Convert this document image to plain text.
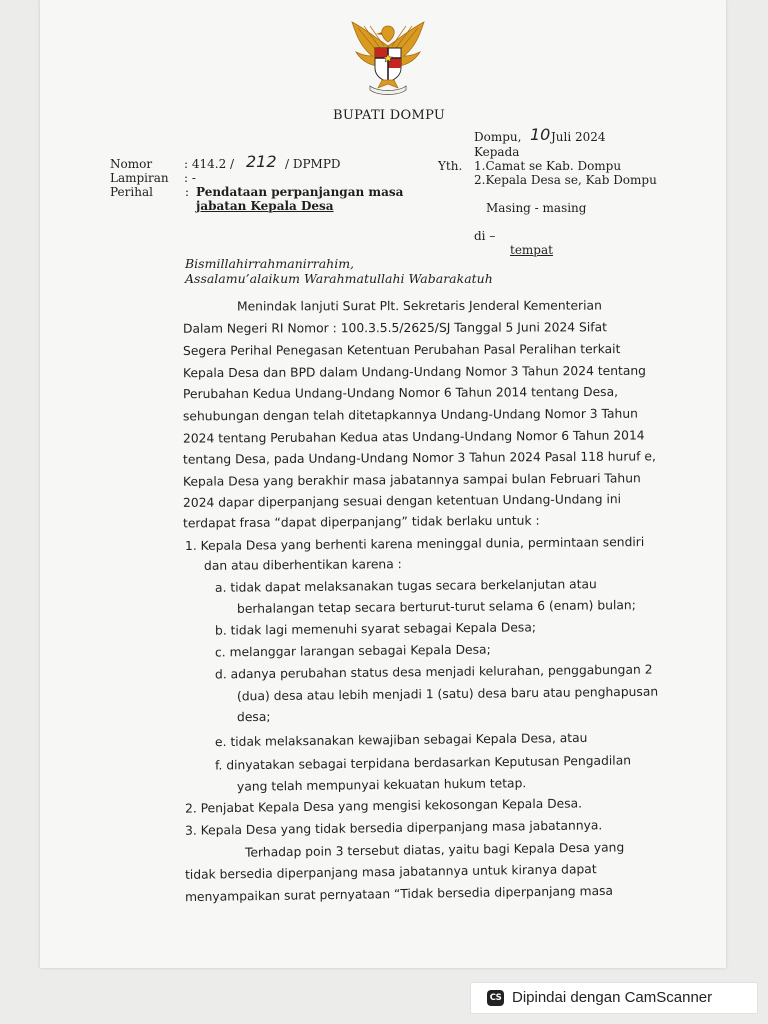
BUPATI DOMPU
Nomor	: 414.2 / 212 / DPMPD
Lampiran : -
Perihal	: Pendataan perpanjangan masa
jabatan Kepala Desa
Dompu, 10 Juli 2024
Kepada
Yth. 1.Camat se Kab. Dompu
2.Kepala Desa se, Kab Dompu
Masing - masing
di –
tempat
Bismillahirrahmanirrahim,
Assalamu’alaikum Warahmatullahi Wabarakatuh
Menindak lanjuti Surat Plt. Sekretaris Jenderal Kementerian
Dalam Negeri RI Nomor : 100.3.5.5/2625/SJ Tanggal 5 Juni 2024 Sifat
Segera Perihal Penegasan Ketentuan Perubahan Pasal Peralihan terkait
Kepala Desa dan BPD dalam Undang-Undang Nomor 3 Tahun 2024 tentang
Perubahan Kedua Undang-Undang Nomor 6 Tahun 2014 tentang Desa,
sehubungan dengan telah ditetapkannya Undang-Undang Nomor 3 Tahun
2024 tentang Perubahan Kedua atas Undang-Undang Nomor 6 Tahun 2014
tentang Desa, pada Undang-Undang Nomor 3 Tahun 2024 Pasal 118 huruf e,
Kepala Desa yang berakhir masa jabatannya sampai bulan Februari Tahun
2024 dapar diperpanjang sesuai dengan ketentuan Undang-Undang ini
terdapat frasa “dapat diperpanjang” tidak berlaku untuk :
1. Kepala Desa yang berhenti karena meninggal dunia, permintaan sendiri
dan atau diberhentikan karena :
a. tidak dapat melaksanakan tugas secara berkelanjutan atau
berhalangan tetap secara berturut-turut selama 6 (enam) bulan;
b. tidak lagi memenuhi syarat sebagai Kepala Desa;
c. melanggar larangan sebagai Kepala Desa;
d. adanya perubahan status desa menjadi kelurahan, penggabungan 2
(dua) desa atau lebih menjadi 1 (satu) desa baru atau penghapusan
desa;
e. tidak melaksanakan kewajiban sebagai Kepala Desa, atau
f. dinyatakan sebagai terpidana berdasarkan Keputusan Pengadilan
yang telah mempunyai kekuatan hukum tetap.
2. Penjabat Kepala Desa yang mengisi kekosongan Kepala Desa.
3. Kepala Desa yang tidak bersedia diperpanjang masa jabatannya.
Terhadap poin 3 tersebut diatas, yaitu bagi Kepala Desa yang
tidak bersedia diperpanjang masa jabatannya untuk kiranya dapat
menyampaikan surat pernyataan “Tidak bersedia diperpanjang masa
CS Dipindai dengan CamScanner
